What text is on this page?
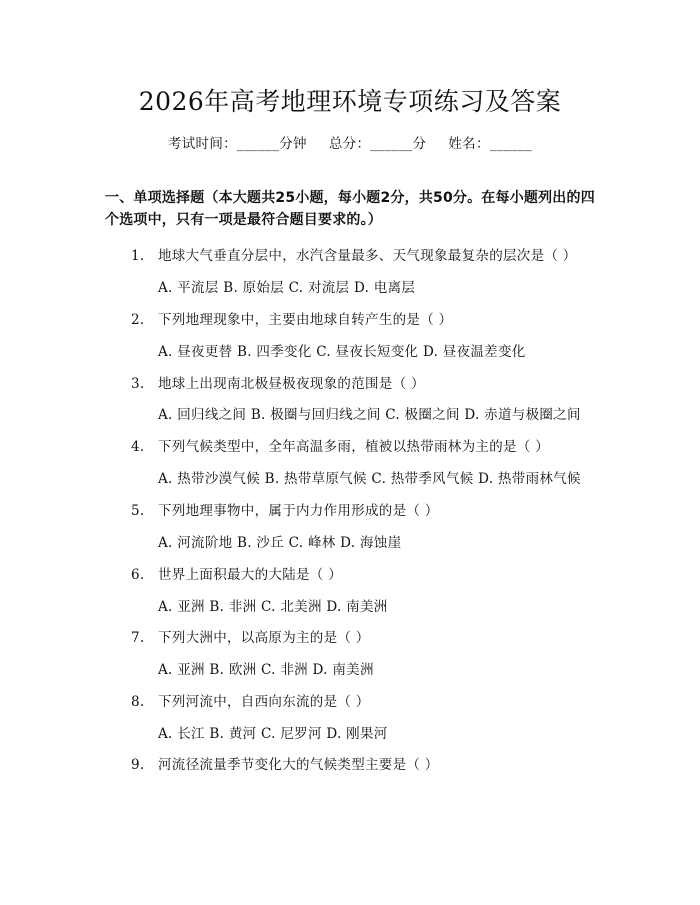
2026年高考地理环境专项练习及答案
考试时间：______分钟 总分：______分 姓名：______
一、单项选择题（本大题共25小题，每小题2分，共50分。在每小题列出的四个选项中，只有一项是最符合题目要求的。）
1. 地球大气垂直分层中，水汽含量最多、天气现象最复杂的层次是（ ）
A. 平流层 B. 原始层 C. 对流层 D. 电离层
2. 下列地理现象中，主要由地球自转产生的是（ ）
A. 昼夜更替 B. 四季变化 C. 昼夜长短变化 D. 昼夜温差变化
3. 地球上出现南北极昼极夜现象的范围是（ ）
A. 回归线之间 B. 极圈与回归线之间 C. 极圈之间 D. 赤道与极圈之间
4. 下列气候类型中，全年高温多雨，植被以热带雨林为主的是（ ）
A. 热带沙漠气候 B. 热带草原气候 C. 热带季风气候 D. 热带雨林气候
5. 下列地理事物中，属于内力作用形成的是（ ）
A. 河流阶地 B. 沙丘 C. 峰林 D. 海蚀崖
6. 世界上面积最大的大陆是（ ）
A. 亚洲 B. 非洲 C. 北美洲 D. 南美洲
7. 下列大洲中，以高原为主的是（ ）
A. 亚洲 B. 欧洲 C. 非洲 D. 南美洲
8. 下列河流中，自西向东流的是（ ）
A. 长江 B. 黄河 C. 尼罗河 D. 刚果河
9. 河流径流量季节变化大的气候类型主要是（ ）
